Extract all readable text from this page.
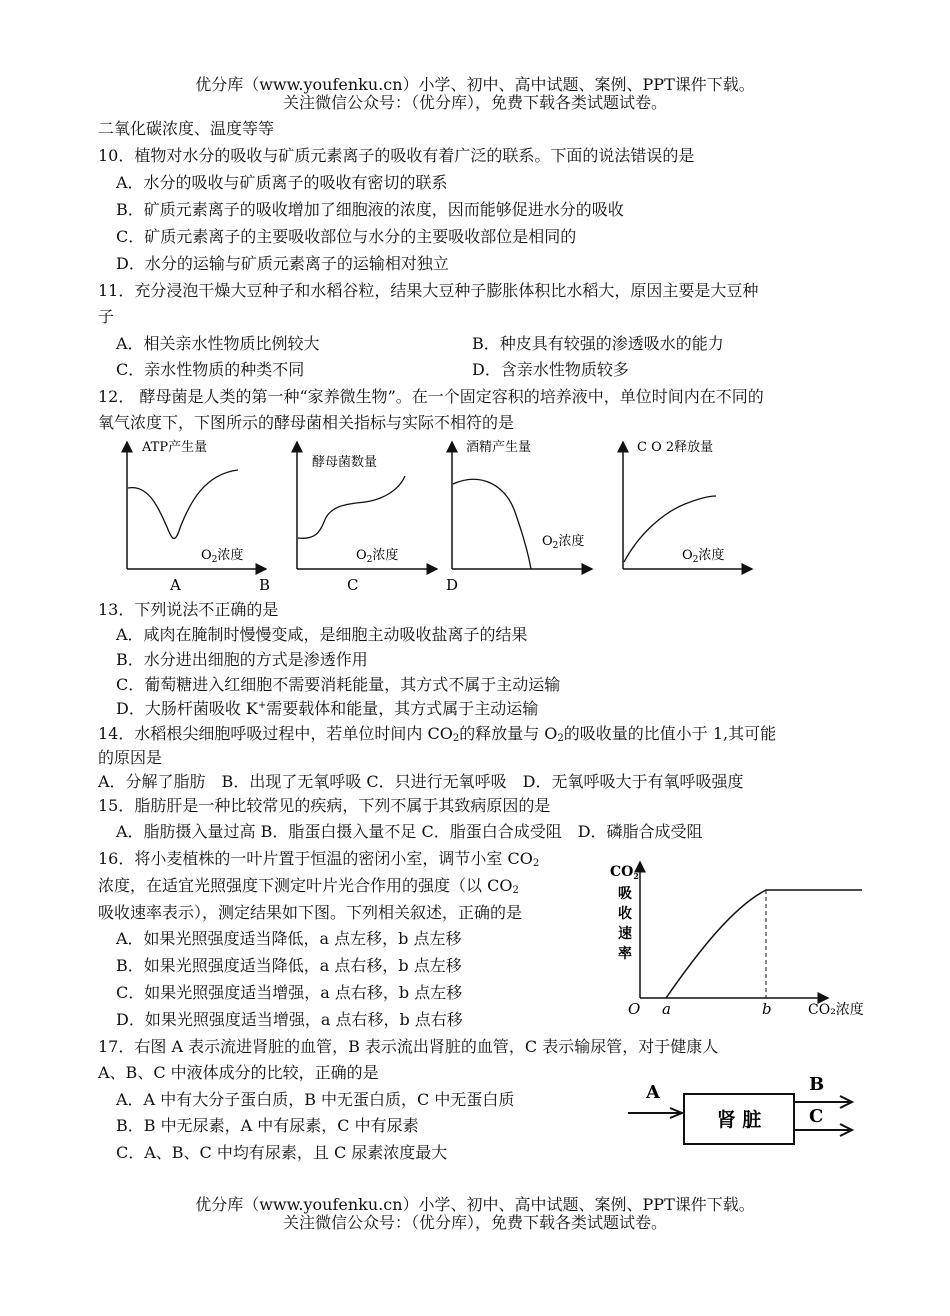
优分库（www.youfenku.cn）小学、初中、高中试题、案例、PPT课件下载。
关注微信公众号：（优分库），免费下载各类试题试卷。
二氧化碳浓度、温度等等
10．植物对水分的吸收与矿质元素离子的吸收有着广泛的联系。下面的说法错误的是
A．水分的吸收与矿质离子的吸收有密切的联系
B．矿质元素离子的吸收增加了细胞液的浓度，因而能够促进水分的吸收
C．矿质元素离子的主要吸收部位与水分的主要吸收部位是相同的
D．水分的运输与矿质元素离子的运输相对独立
11．充分浸泡干燥大豆种子和水稻谷粒，结果大豆种子膨胀体积比水稻大，原因主要是大豆种
子
A．相关亲水性物质比例较大	B．种皮具有较强的渗透吸水的能力
C．亲水性物质的种类不同	D．含亲水性物质较多
12． 酵母菌是人类的第一种“家养微生物”。在一个固定容积的培养液中，单位时间内在不同的
氧气浓度下，下图所示的酵母菌相关指标与实际不相符的是
ATP产生量
$O_2$浓度
酵母菌数量
$O_2$浓度
酒精产生量
$O_2$浓度
C O 2释放量
$O_2$浓度
A	B	C	D
13．下列说法不正确的是
A．咸肉在腌制时慢慢变咸，是细胞主动吸收盐离子的结果
B．水分进出细胞的方式是渗透作用
C．葡萄糖进入红细胞不需要消耗能量，其方式不属于主动运输
D．大肠杆菌吸收 K+需要载体和能量，其方式属于主动运输
14．水稻根尖细胞呼吸过程中，若单位时间内 $CO_2$的释放量与 $O_2$的吸收量的比值小于 1,其可能
的原因是
A．分解了脂肪　B．出现了无氧呼吸 C．只进行无氧呼吸　D．无氧呼吸大于有氧呼吸强度
15．脂肪肝是一种比较常见的疾病，下列不属于其致病原因的是
A．脂肪摄入量过高 B．脂蛋白摄入量不足 C．脂蛋白合成受阻　D．磷脂合成受阻
16．将小麦植株的一叶片置于恒温的密闭小室，调节小室 $CO_2$
浓度，在适宜光照强度下测定叶片光合作用的强度（以 $CO_2$
吸收速率表示），测定结果如下图。下列相关叙述，正确的是
A．如果光照强度适当降低，a 点左移，b 点左移
B．如果光照强度适当降低，a 点右移，b 点左移
C．如果光照强度适当增强，a 点右移，b 点左移
D．如果光照强度适当增强，a 点右移，b 点右移
$CO_2$
吸
收
速
率
O a	b	CO₂浓度
17．右图 A 表示流进肾脏的血管，B 表示流出肾脏的血管，C 表示输尿管，对于健康人
A、B、C 中液体成分的比较，正确的是
A．A 中有大分子蛋白质，B 中无蛋白质，C 中无蛋白质
B．B 中无尿素，A 中有尿素，C 中有尿素
C．A、B、C 中均有尿素，且 C 尿素浓度最大
A	B
C
肾 脏
优分库（www.youfenku.cn）小学、初中、高中试题、案例、PPT课件下载。
关注微信公众号：（优分库），免费下载各类试题试卷。
